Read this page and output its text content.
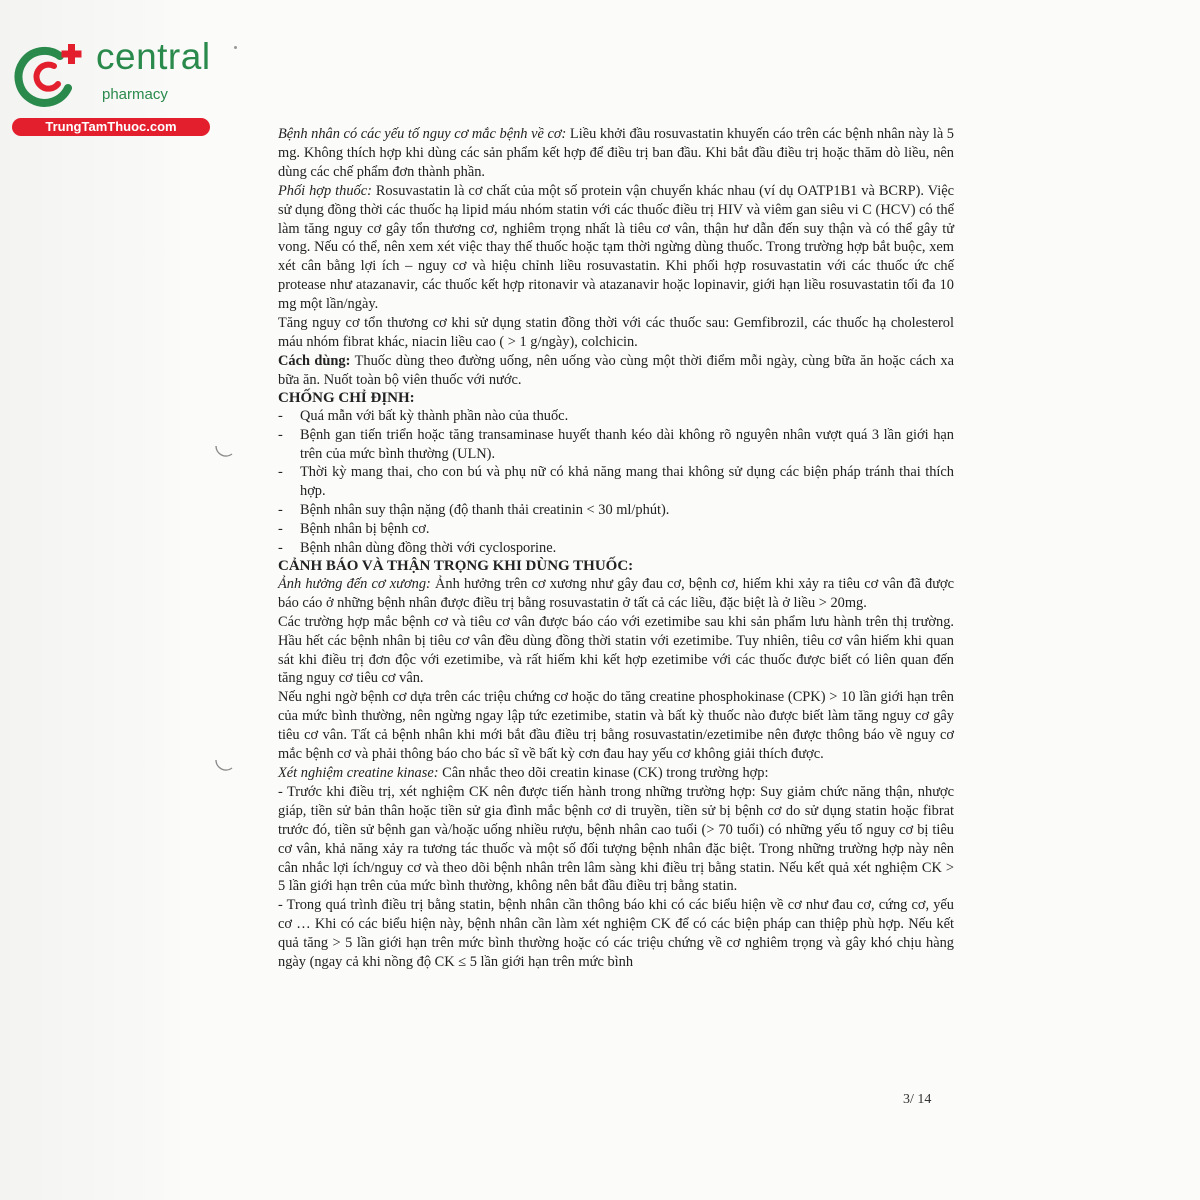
central
pharmacy
TrungTamThuoc.com	Bệnh nhân có các yếu tố nguy cơ mắc bệnh về cơ: Liều khởi đầu rosuvastatin khuyến cáo trên các bệnh nhân này là 5 mg. Không thích hợp khi dùng các sản phẩm kết hợp để điều trị ban đầu. Khi bắt đầu điều trị hoặc thăm dò liều, nên dùng các chế phẩm đơn thành phần.

Phối hợp thuốc: Rosuvastatin là cơ chất của một số protein vận chuyển khác nhau (ví dụ OATP1B1 và BCRP). Việc sử dụng đồng thời các thuốc hạ lipid máu nhóm statin với các thuốc điều trị HIV và viêm gan siêu vi C (HCV) có thể làm tăng nguy cơ gây tổn thương cơ, nghiêm trọng nhất là tiêu cơ vân, thận hư dẫn đến suy thận và có thể gây tử vong. Nếu có thể, nên xem xét việc thay thế thuốc hoặc tạm thời ngừng dùng thuốc. Trong trường hợp bắt buộc, xem xét cân bằng lợi ích – nguy cơ và hiệu chỉnh liều rosuvastatin. Khi phối hợp rosuvastatin với các thuốc ức chế protease như atazanavir, các thuốc kết hợp ritonavir và atazanavir hoặc lopinavir, giới hạn liều rosuvastatin tối đa 10 mg một lần/ngày.

Tăng nguy cơ tổn thương cơ khi sử dụng statin đồng thời với các thuốc sau: Gemfibrozil, các thuốc hạ cholesterol máu nhóm fibrat khác, niacin liều cao ( > 1 g/ngày), colchicin.

Cách dùng: Thuốc dùng theo đường uống, nên uống vào cùng một thời điểm mỗi ngày, cùng bữa ăn hoặc cách xa bữa ăn. Nuốt toàn bộ viên thuốc với nước.

CHỐNG CHỈ ĐỊNH:

- Quá mẫn với bất kỳ thành phần nào của thuốc.
- Bệnh gan tiến triển hoặc tăng transaminase huyết thanh kéo dài không rõ nguyên nhân vượt quá 3 lần giới hạn trên của mức bình thường (ULN).
- Thời kỳ mang thai, cho con bú và phụ nữ có khả năng mang thai không sử dụng các biện pháp tránh thai thích hợp.
- Bệnh nhân suy thận nặng (độ thanh thải creatinin < 30 ml/phút).
- Bệnh nhân bị bệnh cơ.
- Bệnh nhân dùng đồng thời với cyclosporine.

CẢNH BÁO VÀ THẬN TRỌNG KHI DÙNG THUỐC:

Ảnh hưởng đến cơ xương: Ảnh hưởng trên cơ xương như gây đau cơ, bệnh cơ, hiếm khi xảy ra tiêu cơ vân đã được báo cáo ở những bệnh nhân được điều trị bằng rosuvastatin ở tất cả các liều, đặc biệt là ở liều > 20mg.

Các trường hợp mắc bệnh cơ và tiêu cơ vân được báo cáo với ezetimibe sau khi sản phẩm lưu hành trên thị trường. Hầu hết các bệnh nhân bị tiêu cơ vân đều dùng đồng thời statin với ezetimibe. Tuy nhiên, tiêu cơ vân hiếm khi quan sát khi điều trị đơn độc với ezetimibe, và rất hiếm khi kết hợp ezetimibe với các thuốc được biết có liên quan đến tăng nguy cơ tiêu cơ vân.

Nếu nghi ngờ bệnh cơ dựa trên các triệu chứng cơ hoặc do tăng creatine phosphokinase (CPK) > 10 lần giới hạn trên của mức bình thường, nên ngừng ngay lập tức ezetimibe, statin và bất kỳ thuốc nào được biết làm tăng nguy cơ gây tiêu cơ vân. Tất cả bệnh nhân khi mới bắt đầu điều trị bằng rosuvastatin/ezetimibe nên được thông báo về nguy cơ mắc bệnh cơ và phải thông báo cho bác sĩ về bất kỳ cơn đau hay yếu cơ không giải thích được.

Xét nghiệm creatine kinase: Cân nhắc theo dõi creatin kinase (CK) trong trường hợp:

- Trước khi điều trị, xét nghiệm CK nên được tiến hành trong những trường hợp: Suy giảm chức năng thận, nhược giáp, tiền sử bản thân hoặc tiền sử gia đình mắc bệnh cơ di truyền, tiền sử bị bệnh cơ do sử dụng statin hoặc fibrat trước đó, tiền sử bệnh gan và/hoặc uống nhiều rượu, bệnh nhân cao tuổi (> 70 tuổi) có những yếu tố nguy cơ bị tiêu cơ vân, khả năng xảy ra tương tác thuốc và một số đối tượng bệnh nhân đặc biệt. Trong những trường hợp này nên cân nhắc lợi ích/nguy cơ và theo dõi bệnh nhân trên lâm sàng khi điều trị bằng statin. Nếu kết quả xét nghiệm CK > 5 lần giới hạn trên của mức bình thường, không nên bắt đầu điều trị bằng statin.

- Trong quá trình điều trị bằng statin, bệnh nhân cần thông báo khi có các biểu hiện về cơ như đau cơ, cứng cơ, yếu cơ … Khi có các biểu hiện này, bệnh nhân cần làm xét nghiệm CK để có các biện pháp can thiệp phù hợp. Nếu kết quả tăng > 5 lần giới hạn trên mức bình thường hoặc có các triệu chứng về cơ nghiêm trọng và gây khó chịu hàng ngày (ngay cả khi nồng độ CK ≤ 5 lần giới hạn trên mức bình

3/ 14
